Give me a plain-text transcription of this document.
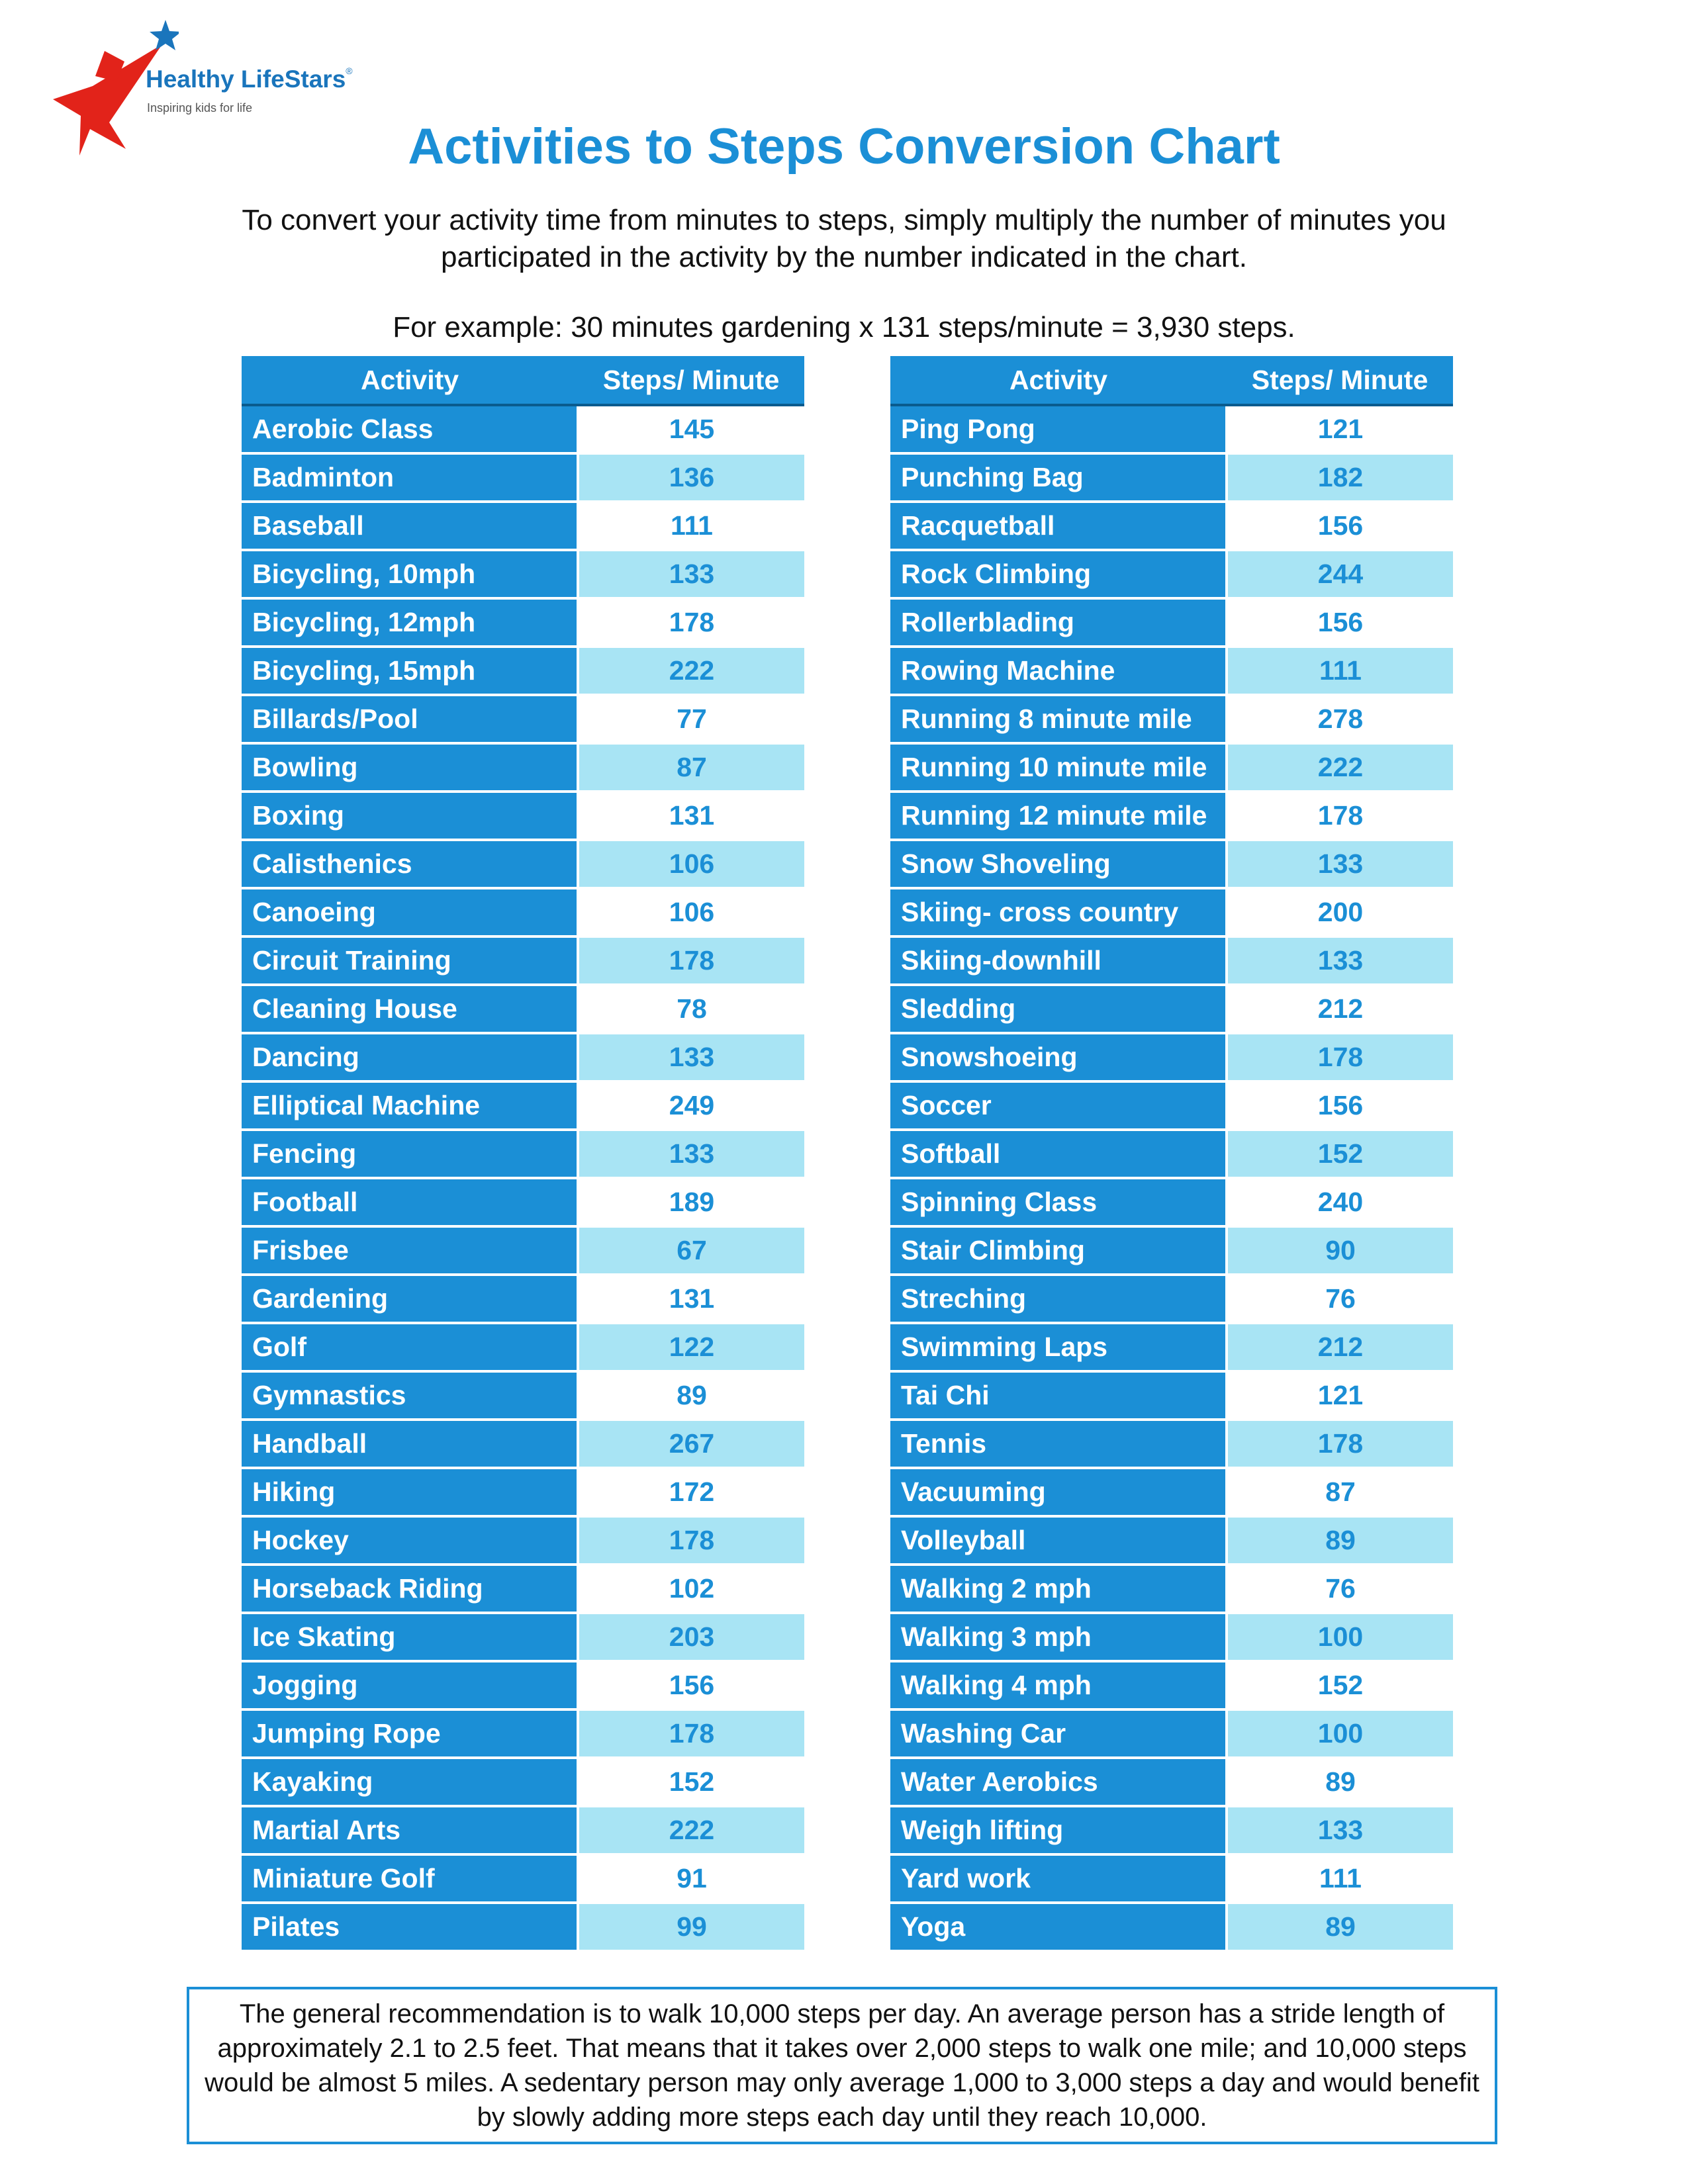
Healthy LifeStars®
Inspiring kids for life
Activities to Steps Conversion Chart

To convert your activity time from minutes to steps, simply multiply the number of minutes you participated in the activity by the number indicated in the chart.

For example: 30 minutes gardening x 131 steps/minute = 3,930 steps.

Activity	Steps/ Minute
Aerobic Class	145
Badminton	136
Baseball	111
Bicycling, 10mph	133
Bicycling, 12mph	178
Bicycling, 15mph	222
Billards/Pool	77
Bowling	87
Boxing	131
Calisthenics	106
Canoeing	106
Circuit Training	178
Cleaning House	78
Dancing	133
Elliptical Machine	249
Fencing	133
Football	189
Frisbee	67
Gardening	131
Golf	122
Gymnastics	89
Handball	267
Hiking	172
Hockey	178
Horseback Riding	102
Ice Skating	203
Jogging	156
Jumping Rope	178
Kayaking	152
Martial Arts	222
Miniature Golf	91
Pilates	99
Activity	Steps/ Minute
Ping Pong	121
Punching Bag	182
Racquetball	156
Rock Climbing	244
Rollerblading	156
Rowing Machine	111
Running 8 minute mile	278
Running 10 minute mile	222
Running 12 minute mile	178
Snow Shoveling	133
Skiing- cross country	200
Skiing-downhill	133
Sledding	212
Snowshoeing	178
Soccer	156
Softball	152
Spinning Class	240
Stair Climbing	90
Streching	76
Swimming Laps	212
Tai Chi	121
Tennis	178
Vacuuming	87
Volleyball	89
Walking 2 mph	76
Walking 3 mph	100
Walking 4 mph	152
Washing Car	100
Water Aerobics	89
Weigh lifting	133
Yard work	111
Yoga	89

The general recommendation is to walk 10,000 steps per day. An average person has a stride length of approximately 2.1 to 2.5 feet. That means that it takes over 2,000 steps to walk one mile; and 10,000 steps would be almost 5 miles. A sedentary person may only average 1,000 to 3,000 steps a day and would benefit by slowly adding more steps each day until they reach 10,000.
